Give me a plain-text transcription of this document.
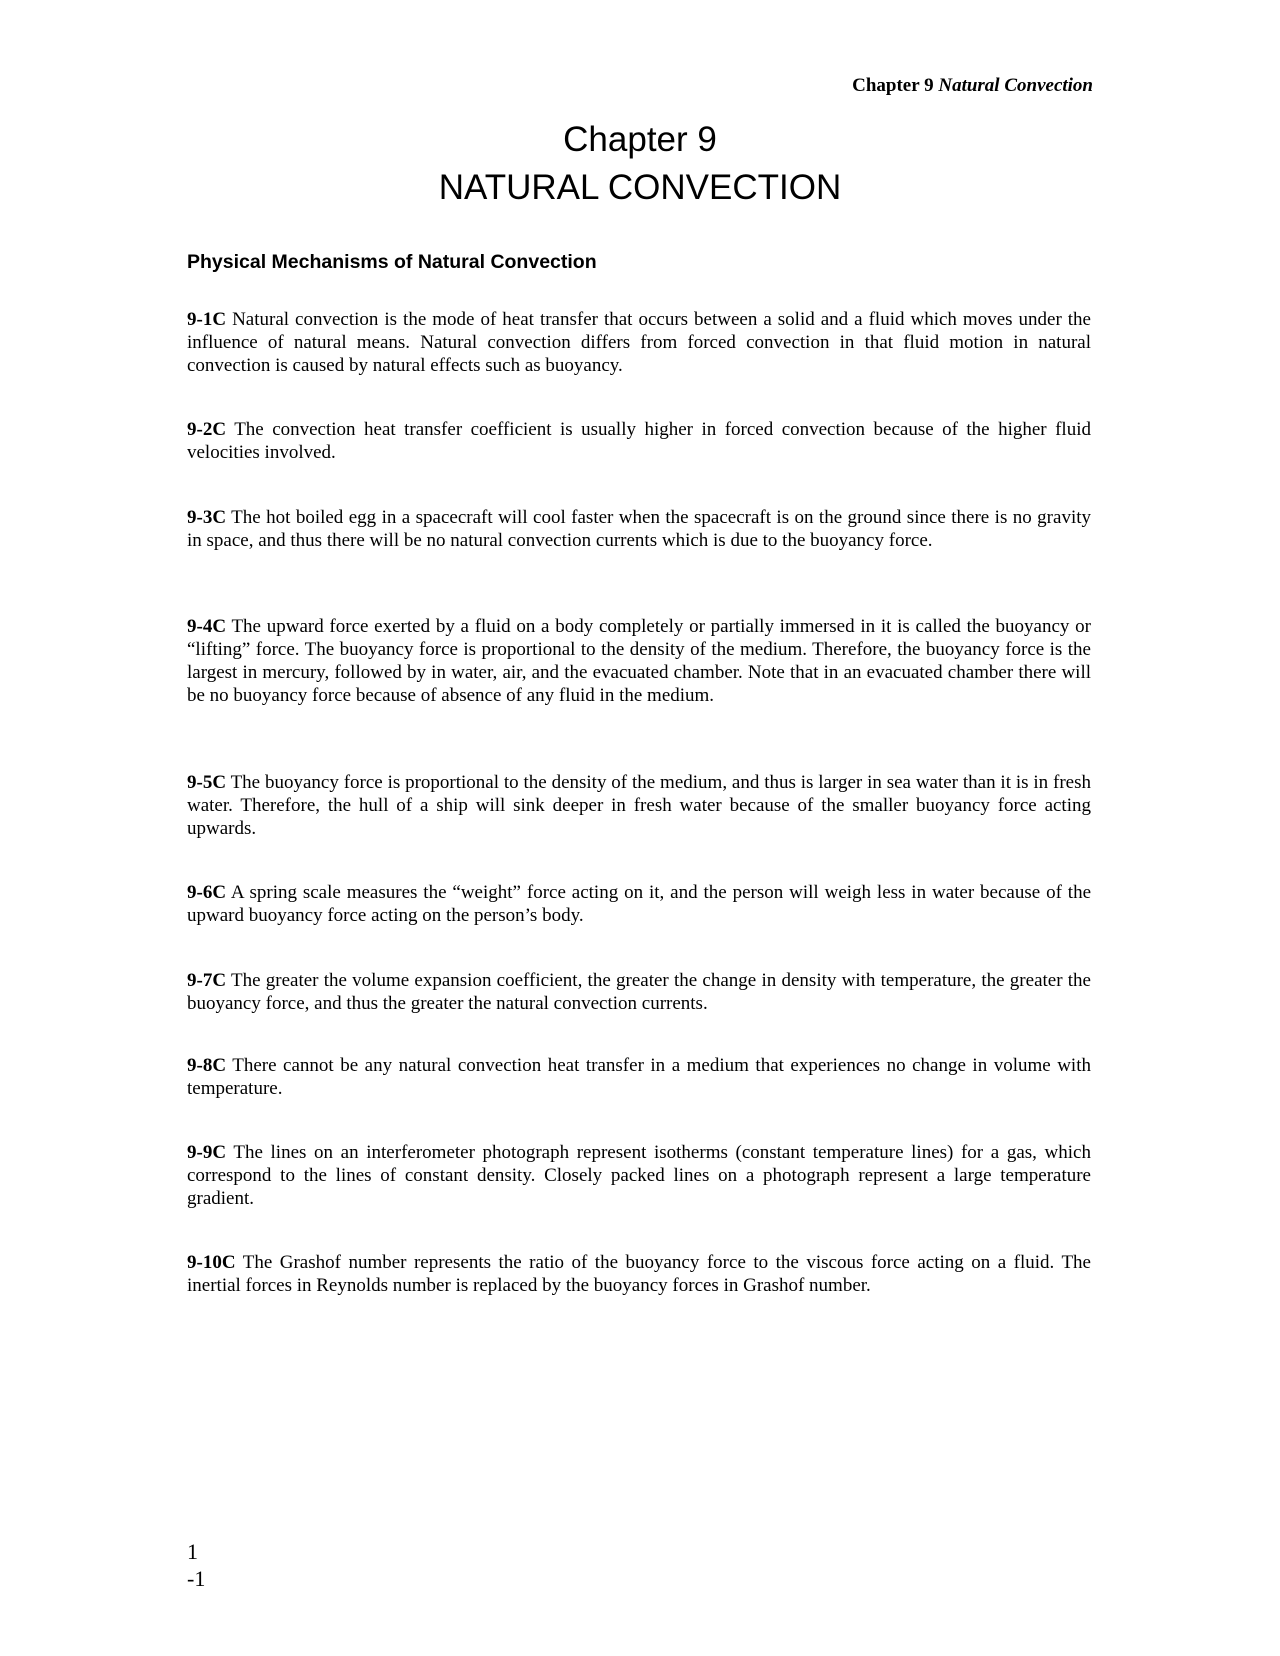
Chapter 9 Natural Convection
Chapter 9
NATURAL CONVECTION
Physical Mechanisms of Natural Convection
9-1C Natural convection is the mode of heat transfer that occurs between a solid and a fluid which moves under the influence of natural means. Natural convection differs from forced convection in that fluid motion in natural convection is caused by natural effects such as buoyancy.
9-2C The convection heat transfer coefficient is usually higher in forced convection because of the higher fluid velocities involved.
9-3C The hot boiled egg in a spacecraft will cool faster when the spacecraft is on the ground since there is no gravity in space, and thus there will be no natural convection currents which is due to the buoyancy force.
9-4C The upward force exerted by a fluid on a body completely or partially immersed in it is called the buoyancy or “lifting” force. The buoyancy force is proportional to the density of the medium. Therefore, the buoyancy force is the largest in mercury, followed by in water, air, and the evacuated chamber. Note that in an evacuated chamber there will be no buoyancy force because of absence of any fluid in the medium.
9-5C The buoyancy force is proportional to the density of the medium, and thus is larger in sea water than it is in fresh water. Therefore, the hull of a ship will sink deeper in fresh water because of the smaller buoyancy force acting upwards.
9-6C A spring scale measures the “weight” force acting on it, and the person will weigh less in water because of the upward buoyancy force acting on the person’s body.
9-7C The greater the volume expansion coefficient, the greater the change in density with temperature, the greater the buoyancy force, and thus the greater the natural convection currents.
9-8C There cannot be any natural convection heat transfer in a medium that experiences no change in volume with temperature.
9-9C The lines on an interferometer photograph represent isotherms (constant temperature lines) for a gas, which correspond to the lines of constant density. Closely packed lines on a photograph represent a large temperature gradient.
9-10C The Grashof number represents the ratio of the buoyancy force to the viscous force acting on a fluid. The inertial forces in Reynolds number is replaced by the buoyancy forces in Grashof number.
1
-1
